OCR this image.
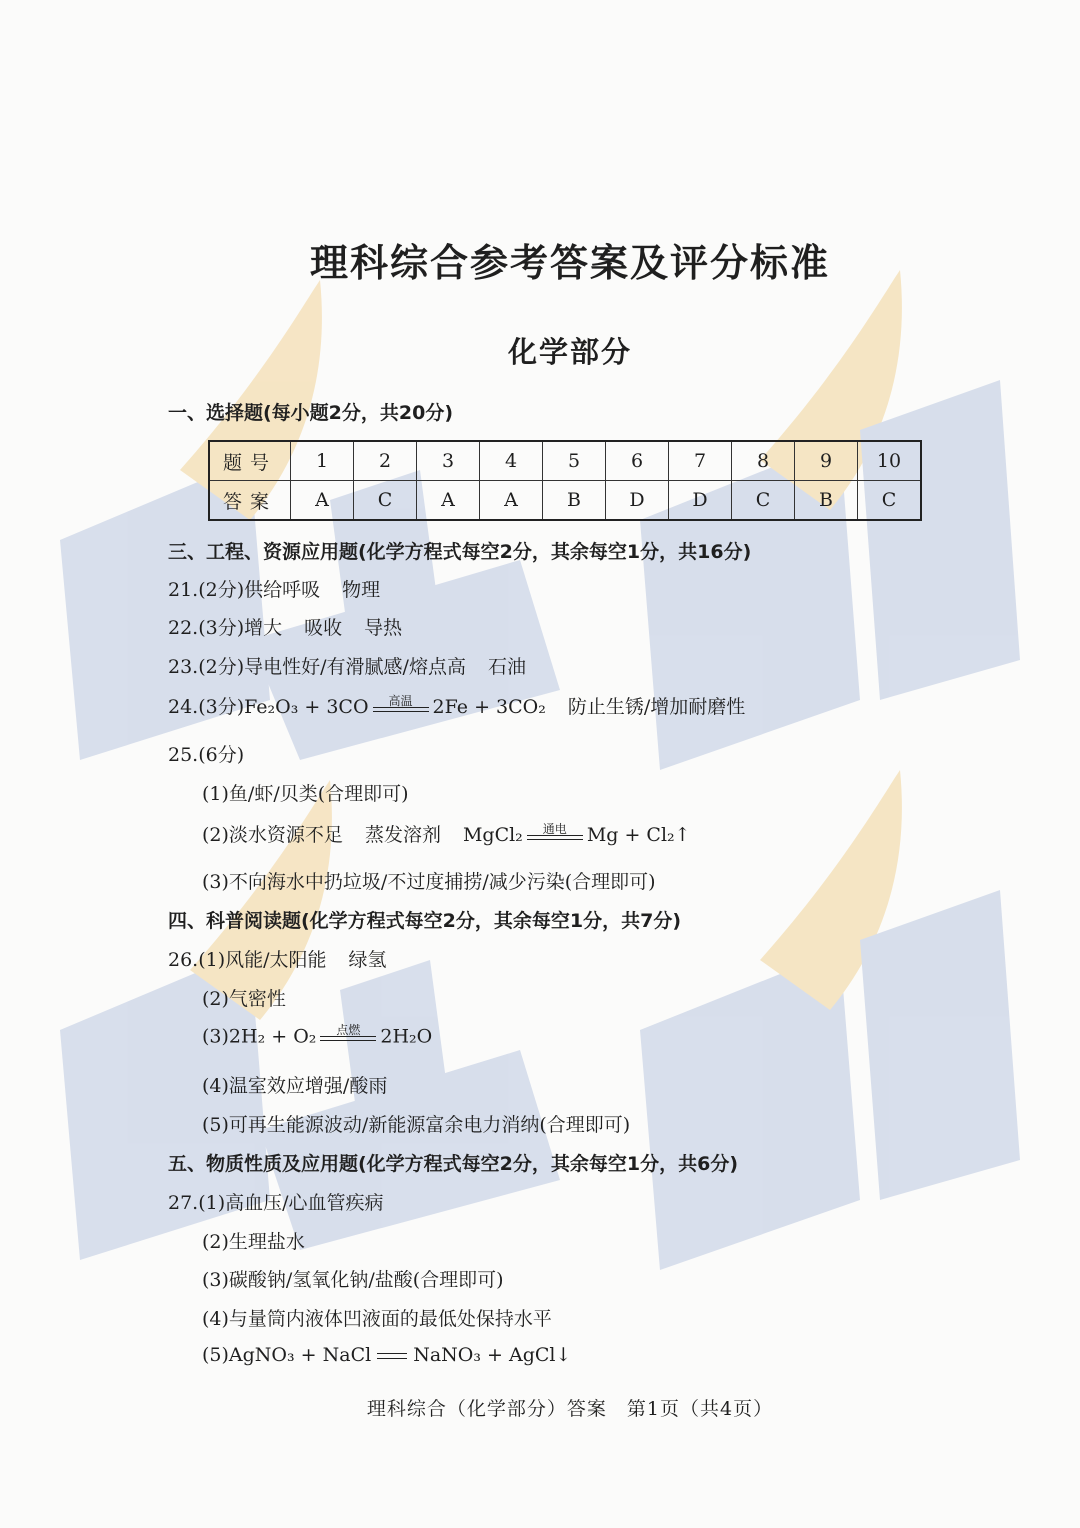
理科综合参考答案及评分标准
化学部分
一、选择题(每小题2分，共20分)
题号	1	2	3	4	5	6	7	8	9	10
答案	A	C	A	A	B	D	D	C	B	C
三、工程、资源应用题(化学方程式每空2分，其余每空1分，共16分)
21.(2分)供给呼吸 物理
22.(3分)增大 吸收 导热
23.(2分)导电性好/有滑腻感/熔点高 石油
24.(3分)Fe₂O₃ + 3CO	高温	2Fe + 3CO₂ 防止生锈/增加耐磨性
25.(6分)
(1)鱼/虾/贝类(合理即可)
(2)淡水资源不足 蒸发溶剂 MgCl₂	通电	Mg + Cl₂↑
(3)不向海水中扔垃圾/不过度捕捞/减少污染(合理即可)
四、科普阅读题(化学方程式每空2分，其余每空1分，共7分)
26.(1)风能/太阳能 绿氢
(2)气密性
(3)2H₂ + O₂	点燃	2H₂O
(4)温室效应增强/酸雨
(5)可再生能源波动/新能源富余电力消纳(合理即可)
五、物质性质及应用题(化学方程式每空2分，其余每空1分，共6分)
27.(1)高血压/心血管疾病
(2)生理盐水
(3)碳酸钠/氢氧化钠/盐酸(合理即可)
(4)与量筒内液体凹液面的最低处保持水平
(5)AgNO₃ + NaCl NaNO₃ + AgCl↓
理科综合（化学部分）答案　第1页（共4页）
